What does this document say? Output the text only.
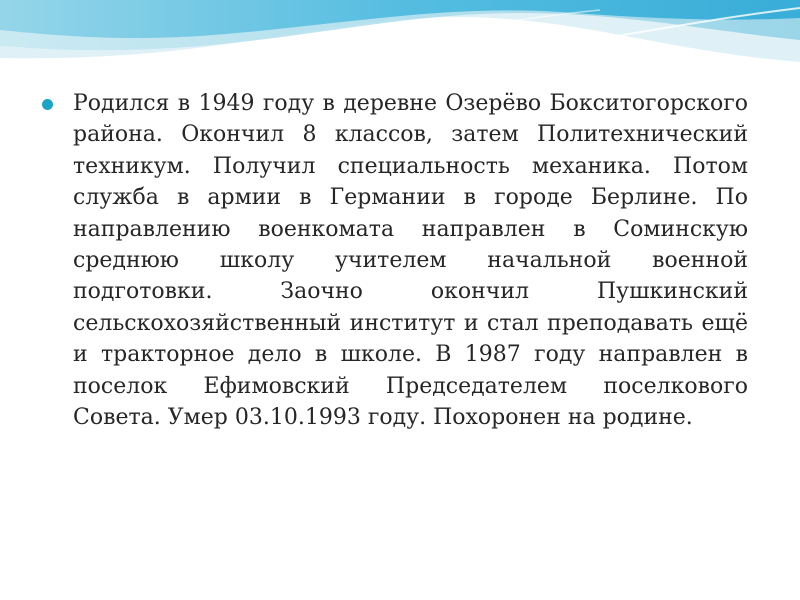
Родился в 1949 году в деревне Озерёво Бокситогорского района. Окончил 8 классов, затем Политехнический техникум. Получил специальность механика. Потом служба в армии в Германии в городе Берлине. По направлению военкомата направлен в Соминскую среднюю школу учителем начальной военной подготовки. Заочно окончил Пушкинский сельскохозяйственный институт и стал преподавать ещё и тракторное дело в школе. В 1987 году направлен в поселок Ефимовский Председателем поселкового Совета. Умер 03.10.1993 году. Похоронен на родине.
